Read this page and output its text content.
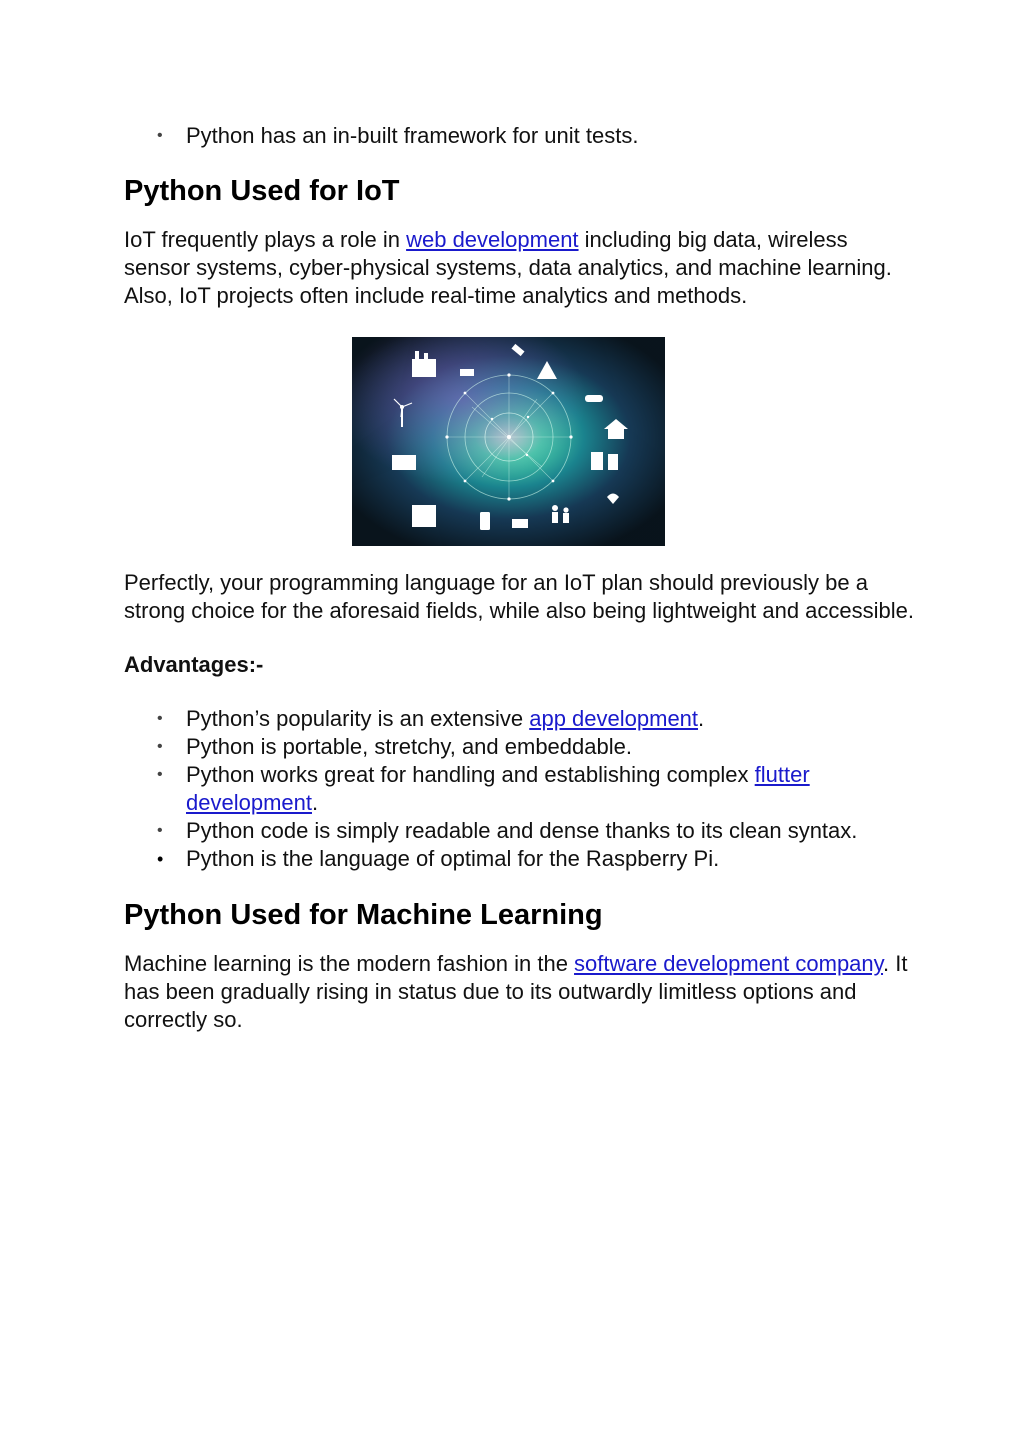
• Python has an in-built framework for unit tests.
Python Used for IoT

IoT frequently plays a role in web development including big data, wireless sensor systems, cyber-physical systems, data analytics, and machine learning. Also, IoT projects often include real-time analytics and methods.

Perfectly, your programming language for an IoT plan should previously be a strong choice for the aforesaid fields, while also being lightweight and accessible.

Advantages:-

• Python’s popularity is an extensive app development.
• Python is portable, stretchy, and embeddable.
• Python works great for handling and establishing complex flutter development.
• Python code is simply readable and dense thanks to its clean syntax.
• Python is the language of optimal for the Raspberry Pi.
Python Used for Machine Learning

Machine learning is the modern fashion in the software development company. It has been gradually rising in status due to its outwardly limitless options and correctly so.
